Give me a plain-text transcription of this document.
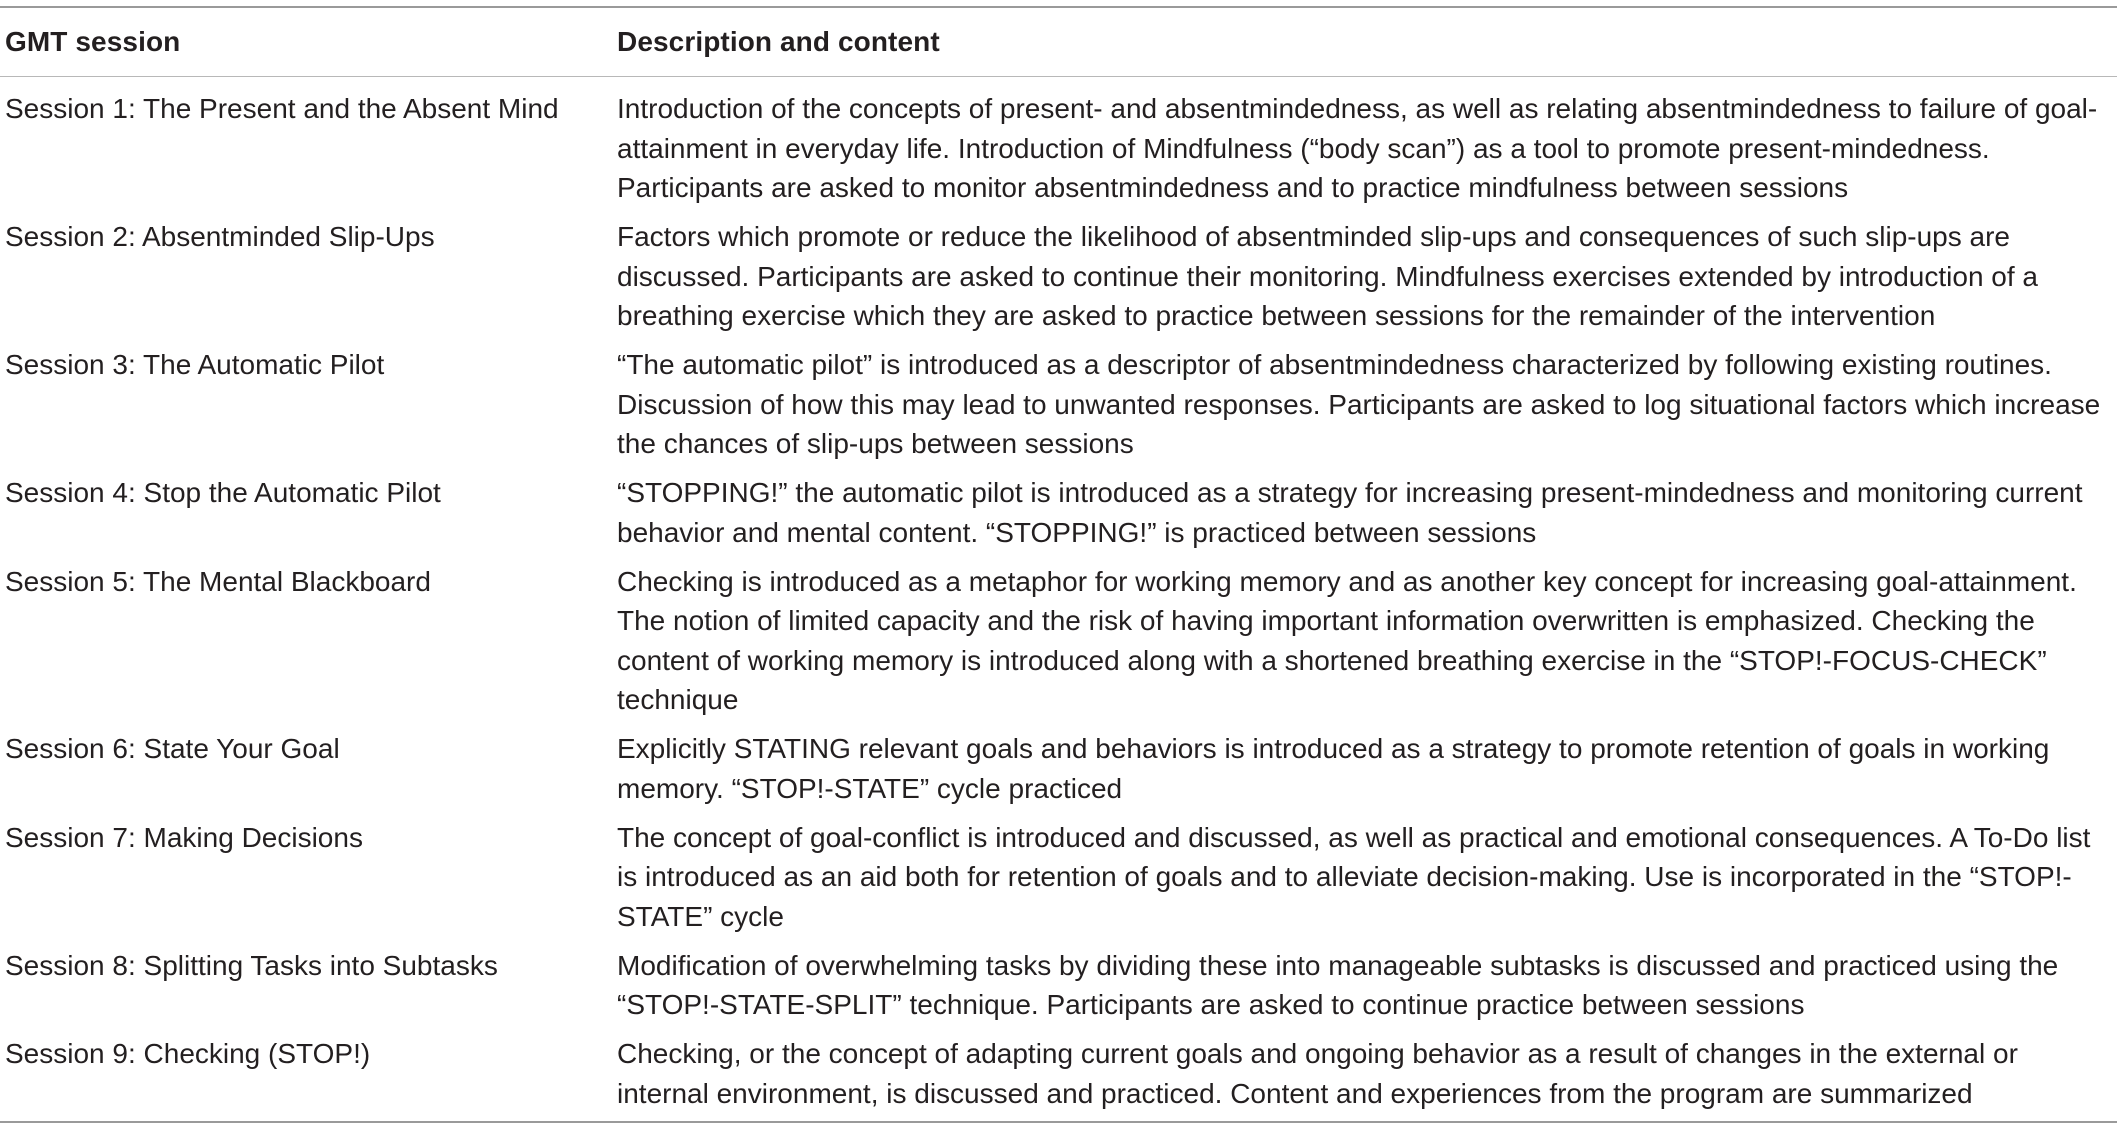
GMT session	Description and content
Session 1: The Present and the Absent Mind	Introduction of the concepts of present- and absentmindedness, as well as relating absentmindedness to failure of goal-attainment in everyday life. Introduction of Mindfulness (“body scan”) as a tool to promote present-mindedness. Participants are asked to monitor absentmindedness and to practice mindfulness between sessions
Session 2: Absentminded Slip-Ups	Factors which promote or reduce the likelihood of absentminded slip-ups and consequences of such slip-ups are discussed. Participants are asked to continue their monitoring. Mindfulness exercises extended by introduction of a breathing exercise which they are asked to practice between sessions for the remainder of the intervention
Session 3: The Automatic Pilot	“The automatic pilot” is introduced as a descriptor of absentmindedness characterized by following existing routines. Discussion of how this may lead to unwanted responses. Participants are asked to log situational factors which increase the chances of slip-ups between sessions
Session 4: Stop the Automatic Pilot	“STOPPING!” the automatic pilot is introduced as a strategy for increasing present-mindedness and monitoring current behavior and mental content. “STOPPING!” is practiced between sessions
Session 5: The Mental Blackboard	Checking is introduced as a metaphor for working memory and as another key concept for increasing goal-attainment. The notion of limited capacity and the risk of having important information overwritten is emphasized. Checking the content of working memory is introduced along with a shortened breathing exercise in the “STOP!-FOCUS-CHECK” technique
Session 6: State Your Goal	Explicitly STATING relevant goals and behaviors is introduced as a strategy to promote retention of goals in working memory. “STOP!-STATE” cycle practiced
Session 7: Making Decisions	The concept of goal-conflict is introduced and discussed, as well as practical and emotional consequences. A To-Do list is introduced as an aid both for retention of goals and to alleviate decision-making. Use is incorporated in the “STOP!-STATE” cycle
Session 8: Splitting Tasks into Subtasks	Modification of overwhelming tasks by dividing these into manageable subtasks is discussed and practiced using the “STOP!-STATE-SPLIT” technique. Participants are asked to continue practice between sessions
Session 9: Checking (STOP!)	Checking, or the concept of adapting current goals and ongoing behavior as a result of changes in the external or internal environment, is discussed and practiced. Content and experiences from the program are summarized
